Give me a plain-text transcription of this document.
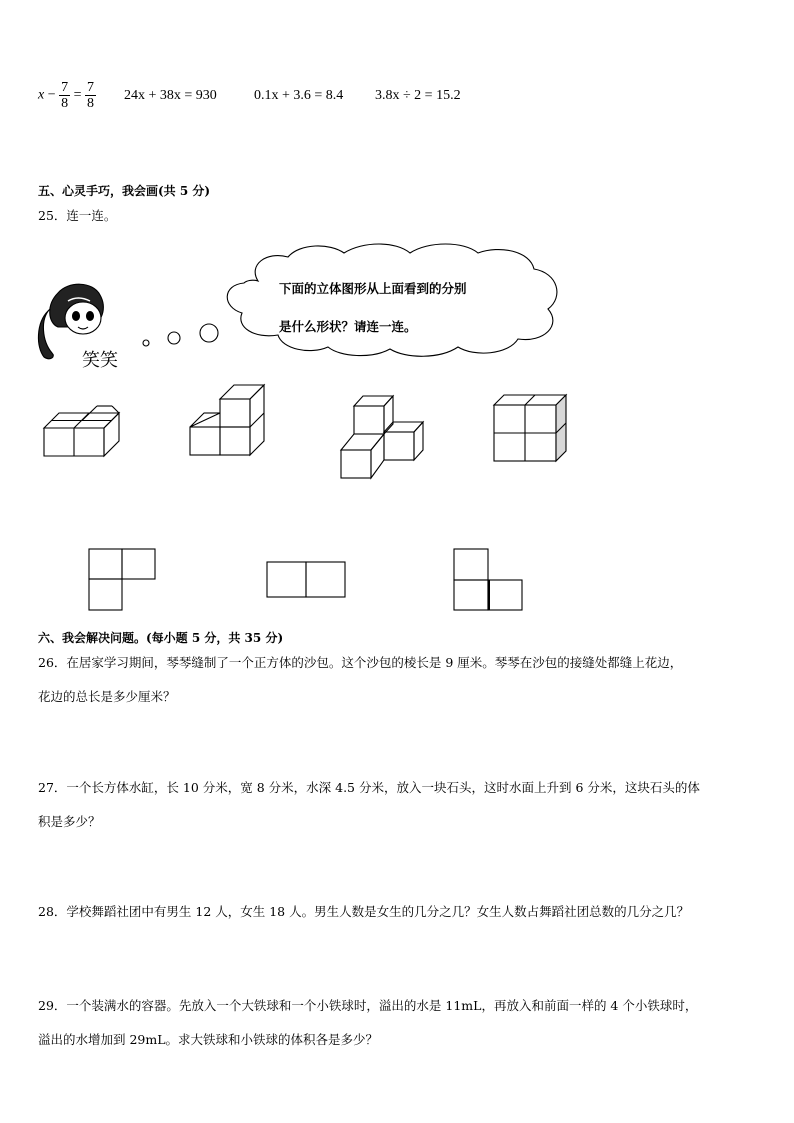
$x - \frac{7}{8} = \frac{7}{8} 24x + 38x = 930$	0.1x + 3.6 = 8.4 3.8x ÷ 2 = 15.2
五、心灵手巧，我会画(共 5 分)
25．连一连。
笑笑
下面的立体图形从上面看到的分别
是什么形状？请连一连。
六、我会解决问题。(每小题 5 分，共 35 分)
26．在居家学习期间，琴琴缝制了一个正方体的沙包。这个沙包的棱长是 9 厘米。琴琴在沙包的接缝处都缝上花边，
花边的总长是多少厘米？
27．一个长方体水缸，长 10 分米，宽 8 分米，水深 4.5 分米，放入一块石头，这时水面上升到 6 分米，这块石头的体
积是多少？
28．学校舞蹈社团中有男生 12 人，女生 18 人。男生人数是女生的几分之几？女生人数占舞蹈社团总数的几分之几？
29．一个装满水的容器。先放入一个大铁球和一个小铁球时，溢出的水是 11mL，再放入和前面一样的 4 个小铁球时，
溢出的水增加到 29mL。求大铁球和小铁球的体积各是多少？
